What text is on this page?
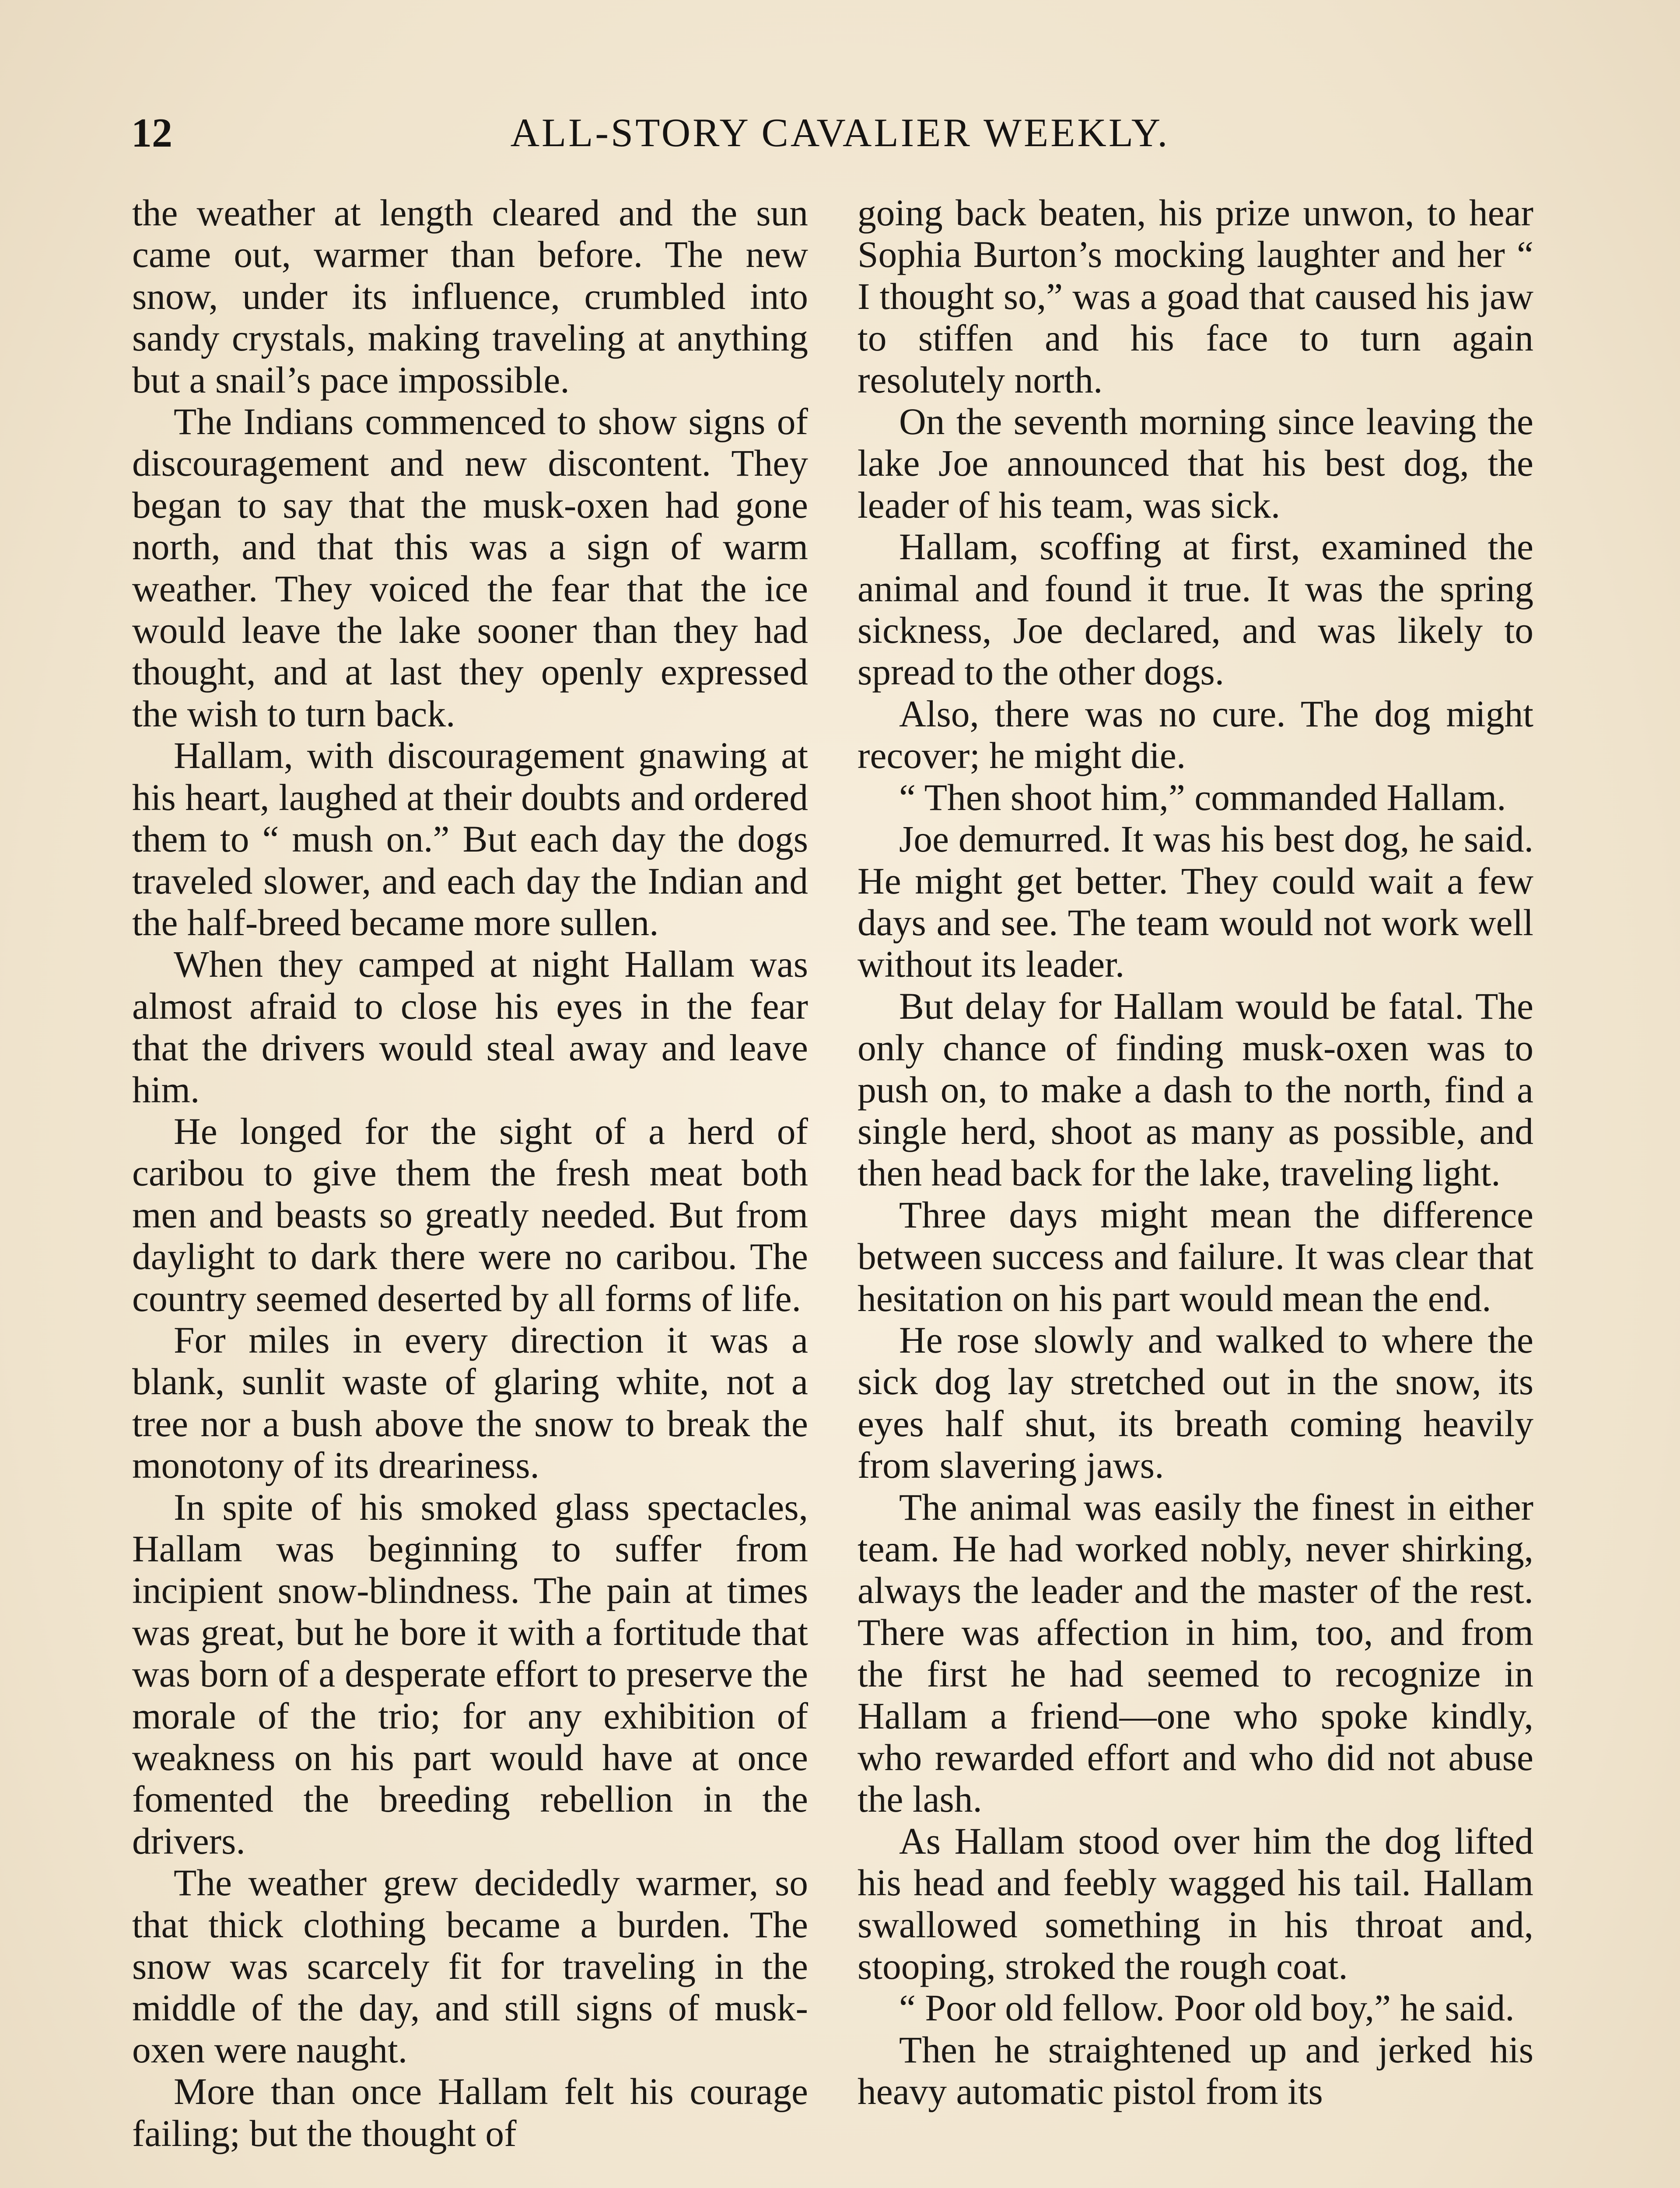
12	ALL-STORY CAVALIER WEEKLY.

the weather at length cleared and the sun came out, warmer than before. The new snow, under its influence, crumbled into sandy crystals, making traveling at anything but a snail’s pace impossible.

The Indians commenced to show signs of discouragement and new discontent. They began to say that the musk-oxen had gone north, and that this was a sign of warm weather. They voiced the fear that the ice would leave the lake sooner than they had thought, and at last they openly expressed the wish to turn back.

Hallam, with discouragement gnawing at his heart, laughed at their doubts and ordered them to “ mush on.” But each day the dogs traveled slower, and each day the Indian and the half-breed became more sullen.

When they camped at night Hallam was almost afraid to close his eyes in the fear that the drivers would steal away and leave him.

He longed for the sight of a herd of caribou to give them the fresh meat both men and beasts so greatly needed. But from daylight to dark there were no caribou. The country seemed deserted by all forms of life.

For miles in every direction it was a blank, sunlit waste of glaring white, not a tree nor a bush above the snow to break the monotony of its dreariness.

In spite of his smoked glass spectacles, Hallam was beginning to suffer from incipient snow-blindness. The pain at times was great, but he bore it with a fortitude that was born of a desperate effort to preserve the morale of the trio; for any exhibition of weakness on his part would have at once fomented the breeding rebellion in the drivers.

The weather grew decidedly warmer, so that thick clothing became a burden. The snow was scarcely fit for traveling in the middle of the day, and still signs of musk-oxen were naught.

More than once Hallam felt his courage failing; but the thought of

going back beaten, his prize unwon, to hear Sophia Burton’s mocking laughter and her “ I thought so,” was a goad that caused his jaw to stiffen and his face to turn again resolutely north.

On the seventh morning since leaving the lake Joe announced that his best dog, the leader of his team, was sick.

Hallam, scoffing at first, examined the animal and found it true. It was the spring sickness, Joe declared, and was likely to spread to the other dogs.

Also, there was no cure. The dog might recover; he might die.

“ Then shoot him,” commanded Hallam.

Joe demurred. It was his best dog, he said. He might get better. They could wait a few days and see. The team would not work well without its leader.

But delay for Hallam would be fatal. The only chance of finding musk-oxen was to push on, to make a dash to the north, find a single herd, shoot as many as possible, and then head back for the lake, traveling light.

Three days might mean the difference between success and failure. It was clear that hesitation on his part would mean the end.

He rose slowly and walked to where the sick dog lay stretched out in the snow, its eyes half shut, its breath coming heavily from slavering jaws.

The animal was easily the finest in either team. He had worked nobly, never shirking, always the leader and the master of the rest. There was affection in him, too, and from the first he had seemed to recognize in Hallam a friend—one who spoke kindly, who rewarded effort and who did not abuse the lash.

As Hallam stood over him the dog lifted his head and feebly wagged his tail. Hallam swallowed something in his throat and, stooping, stroked the rough coat.

“ Poor old fellow. Poor old boy,” he said.

Then he straightened up and jerked his heavy automatic pistol from its
